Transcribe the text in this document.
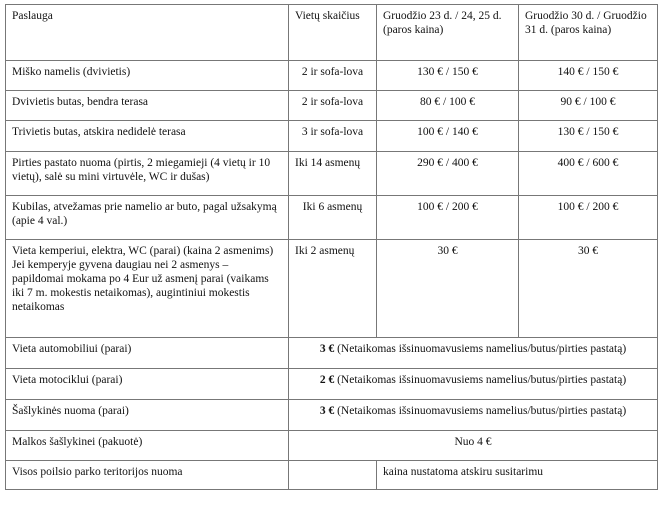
Paslauga	Vietų skaičius	Gruodžio 23 d. / 24, 25 d. (paros kaina)	Gruodžio 30 d. / Gruodžio 31 d. (paros kaina)
Miško namelis (dvivietis)	2 ir sofa-lova	130 € / 150 €	140 € / 150 €
Dvivietis butas, bendra terasa	2 ir sofa-lova	80 € / 100 €	90 € / 100 €
Trivietis butas, atskira nedidelė terasa	3 ir sofa-lova	100 € / 140 €	130 € / 150 €
Pirties pastato nuoma (pirtis, 2 miegamieji (4 vietų ir 10 vietų), salė su mini virtuvėle, WC ir dušas)	Iki 14 asmenų	290 € / 400 €	400 € / 600 €
Kubilas, atvežamas prie namelio ar buto, pagal užsakymą (apie 4 val.)	Iki 6 asmenų	100 € / 200 €	100 € / 200 €

Vieta kemperiui, elektra, WC (parai) (kaina 2 asmenims)
Jei kemperyje gyvena daugiau nei 2 asmenys – papildomai mokama po 4 Eur už asmenį parai (vaikams iki 7 m. mokestis netaikomas), augintiniui mokestis netaikomas	Iki 2 asmenų	30 €	30 €
Vieta automobiliui (parai)	3 € (Netaikomas išsinuomavusiems namelius/butus/pirties pastatą)		
Vieta motociklui (parai)	2 € (Netaikomas išsinuomavusiems namelius/butus/pirties pastatą)		
Šašlykinės nuoma (parai)	3 € (Netaikomas išsinuomavusiems namelius/butus/pirties pastatą)		
Malkos šašlykinei (pakuotė)	Nuo 4 €		
Visos poilsio parko teritorijos nuoma		kaina nustatoma atskiru susitarimu	
